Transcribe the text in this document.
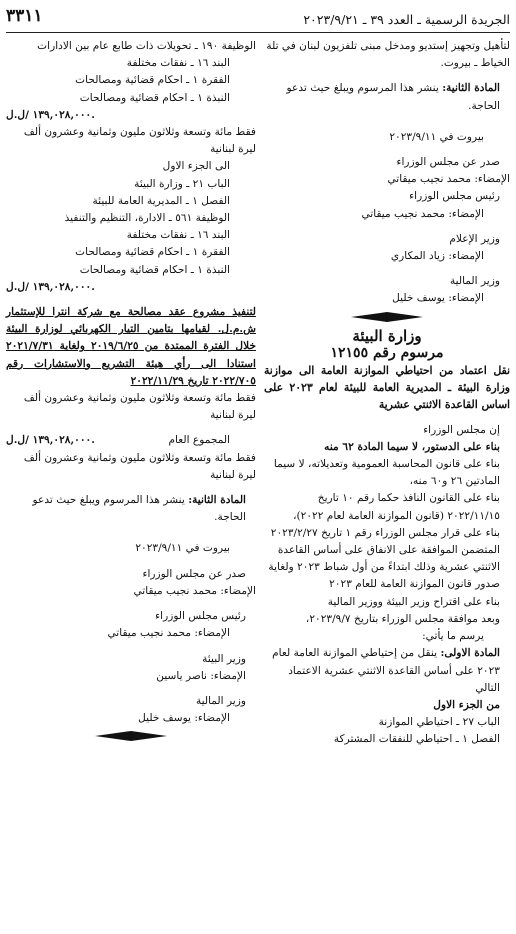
الجريدة الرسمية ـ العدد ٣٩ ـ ٢٠٢٣/٩/٢١
٣٣١١

لتأهيل وتجهيز إستديو ومدخل مبنى تلفزيون لبنان في تلة الخياط ـ بيروت.

المادة الثانية: ينشر هذا المرسوم ويبلغ حيث تدعو الحاجة.

بيروت في ٢٠٢٣/٩/١١

صدر عن مجلس الوزراء

الإمضاء: محمد نجيب ميقاتي

رئيس مجلس الوزراء

الإمضاء: محمد نجيب ميقاتي

وزير الإعلام

الإمضاء: زياد المكاري

وزير المالية

الإمضاء: يوسف خليل

وزارة البيئة
مرسوم رقم ١٢١٥٥

نقل اعتماد من احتياطي الموازنة العامة الى موازنة وزارة البيئة ـ المديرية العامة للبيئة لعام ٢٠٢٣ على اساس القاعدة الاثنتي عشرية

إن مجلس الوزراء

بناء على الدستور، لا سيما المادة ٦٢ منه

بناء على قانون المحاسبة العمومية وتعديلاته، لا سيما المادتين ٢٦ و٦٠ منه،

بناء على القانون النافذ حكما رقم ١٠ تاريخ ٢٠٢٢/١١/١٥ (قانون الموازنة العامة لعام ٢٠٢٢)،

بناء على قرار مجلس الوزراء رقم ١ تاريخ ٢٠٢٣/٢/٢٧ المتضمن الموافقة على الانفاق على أساس القاعدة الاثنتي عشرية وذلك ابتداءً من أول شباط ٢٠٢٣ ولغاية صدور قانون الموازنة العامة للعام ٢٠٢٣

بناء على اقتراح وزير البيئة ووزير المالية

وبعد موافقة مجلس الوزراء بتاريخ ٢٠٢٣/٩/٧،

يرسم ما يأتي:

المادة الاولى: ينقل من إحتياطي الموازنة العامة لعام ٢٠٢٣ على أساس القاعدة الاثنتي عشرية الاعتماد التالي

من الجزء الاول

الباب ٢٧ ـ احتياطي الموازنة

الفصل ١ ـ احتياطي للنفقات المشتركة

الوظيفة ١٩٠ ـ تحويلات ذات طابع عام بين الادارات

البند ١٦ ـ نفقات مختلفة

الفقرة ١ ـ احكام قضائية ومصالحات

النبذة ١ ـ احكام قضائية ومصالحات

١٣٩,٠٢٨,٠٠٠ /ل.ل.

فقط مائة وتسعة وثلاثون مليون وثمانية وعشرون ألف ليرة لبنانية

الى الجزء الاول

الباب ٢١ ـ وزارة البيئة

الفصل ١ ـ المديرية العامة للبيئة

الوظيفة ٥٦١ ـ الادارة، التنظيم والتنفيذ

البند ١٦ ـ نفقات مختلفة

الفقرة ١ ـ احكام قضائية ومصالحات

النبذة ١ ـ احكام قضائية ومصالحات

١٣٩,٠٢٨,٠٠٠ /ل.ل.

لتنفيذ مشروع عقد مصالحة مع شركة انترا للإستثمار ش.م.ل. لقيامها بتامين التيار الكهربائي لوزارة البيئة خلال الفترة الممتدة من ٢٠١٩/٦/٢٥ ولغاية ٢٠٢١/٧/٣١ استنادا الى رأي هيئة التشريع والاستشارات رقم ٢٠٢٢/٧٠٥ تاريخ ٢٠٢٢/١١/٢٩

فقط مائة وتسعة وثلاثون مليون وثمانية وعشرون ألف ليرة لبنانية

المجموع العام
١٣٩,٠٢٨,٠٠٠ /ل.ل.

فقط مائة وتسعة وثلاثون مليون وثمانية وعشرون ألف ليرة لبنانية

المادة الثانية: ينشر هذا المرسوم ويبلغ حيث تدعو الحاجة.

بيروت في ٢٠٢٣/٩/١١

صدر عن مجلس الوزراء

الإمضاء: محمد نجيب ميقاتي

رئيس مجلس الوزراء

الإمضاء: محمد نجيب ميقاتي

وزير البيئة

الإمضاء: ناصر ياسين

وزير المالية

الإمضاء: يوسف خليل
